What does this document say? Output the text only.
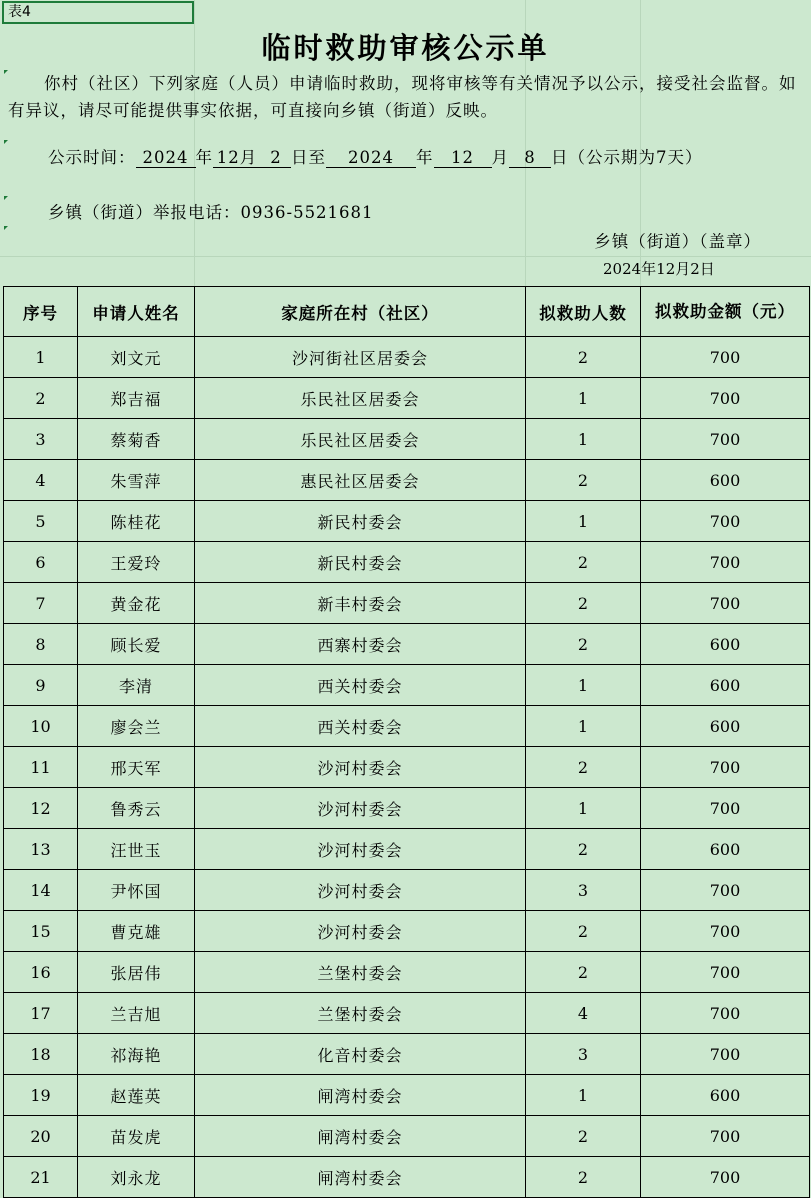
表4
临时救助审核公示单
你村（社区）下列家庭（人员）申请临时救助，现将审核等有关情况予以公示，接受社会监督。如有异议，请尽可能提供事实依据，可直接向乡镇（街道）反映。
公示时间： 2024 年 12月 2 日至 2024 年 12 月 8 日（公示期为7天）
乡镇（街道）举报电话：0936-5521681
乡镇（街道）（盖章）
2024年12月2日
序号	申请人姓名	家庭所在村（社区）	拟救助人数	拟救助金额（元）
1	刘文元	沙河街社区居委会	2	700
2	郑吉福	乐民社区居委会	1	700
3	蔡菊香	乐民社区居委会	1	700
4	朱雪萍	惠民社区居委会	2	600
5	陈桂花	新民村委会	1	700
6	王爱玲	新民村委会	2	700
7	黄金花	新丰村委会	2	700
8	顾长爱	西寨村委会	2	600
9	李清	西关村委会	1	600
10	廖会兰	西关村委会	1	600
11	邢天军	沙河村委会	2	700
12	鲁秀云	沙河村委会	1	700
13	汪世玉	沙河村委会	2	600
14	尹怀国	沙河村委会	3	700
15	曹克雄	沙河村委会	2	700
16	张居伟	兰堡村委会	2	700
17	兰吉旭	兰堡村委会	4	700
18	祁海艳	化音村委会	3	700
19	赵莲英	闸湾村委会	1	600
20	苗发虎	闸湾村委会	2	700
21	刘永龙	闸湾村委会	2	700
